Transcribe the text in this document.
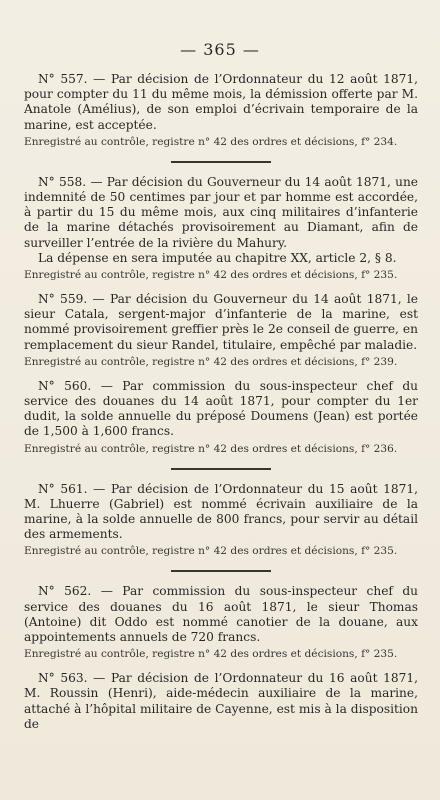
— 365 —

N° 557. — Par décision de l’Ordonnateur du 12 août 1871, pour compter du 11 du même mois, la démission offerte par M. Anatole (Amélius), de son emploi d’écrivain temporaire de la marine, est acceptée.

Enregistré au contrôle, registre n° 42 des ordres et décisions, f° 234.

N° 558. — Par décision du Gouverneur du 14 août 1871, une indemnité de 50 centimes par jour et par homme est accordée, à partir du 15 du même mois, aux cinq militaires d’infanterie de la marine détachés provisoirement au Diamant, afin de surveiller l’entrée de la rivière du Mahury.

La dépense en sera imputée au chapitre XX, article 2, § 8.

Enregistré au contrôle, registre n° 42 des ordres et décisions, f° 235.

N° 559. — Par décision du Gouverneur du 14 août 1871, le sieur Catala, sergent-major d’infanterie de la marine, est nommé provisoirement greffier près le 2e conseil de guerre, en remplacement du sieur Randel, titulaire, empêché par maladie.

Enregistré au contrôle, registre n° 42 des ordres et décisions, f° 239.

N° 560. — Par commission du sous-inspecteur chef du service des douanes du 14 août 1871, pour compter du 1er dudit, la solde annuelle du préposé Doumens (Jean) est portée de 1,500 à 1,600 francs.

Enregistré au contrôle, registre n° 42 des ordres et décisions, f° 236.

N° 561. — Par décision de l’Ordonnateur du 15 août 1871, M. Lhuerre (Gabriel) est nommé écrivain auxiliaire de la marine, à la solde annuelle de 800 francs, pour servir au détail des armements.

Enregistré au contrôle, registre n° 42 des ordres et décisions, f° 235.

N° 562. — Par commission du sous-inspecteur chef du service des douanes du 16 août 1871, le sieur Thomas (Antoine) dit Oddo est nommé canotier de la douane, aux appointements annuels de 720 francs.

Enregistré au contrôle, registre n° 42 des ordres et décisions, f° 235.

N° 563. — Par décision de l’Ordonnateur du 16 août 1871, M. Roussin (Henri), aide-médecin auxiliaire de la marine, attaché à l’hôpital militaire de Cayenne, est mis à la disposition de
